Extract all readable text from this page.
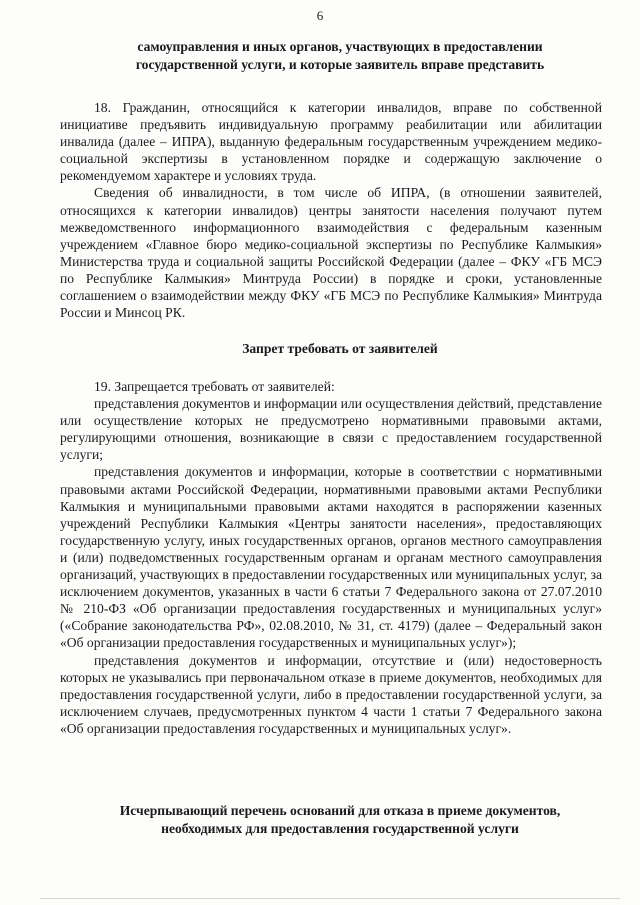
6
самоуправления и иных органов, участвующих в предоставлении
государственной услуги, и которые заявитель вправе представить

18. Гражданин, относящийся к категории инвалидов, вправе по собственной инициативе предъявить индивидуальную программу реабилитации или абилитации инвалида (далее – ИПРА), выданную федеральным государственным учреждением медико-социальной экспертизы в установленном порядке и содержащую заключение о рекомендуемом характере и условиях труда.

Сведения об инвалидности, в том числе об ИПРА, (в отношении заявителей, относящихся к категории инвалидов) центры занятости населения получают путем межведомственного информационного взаимодействия с федеральным казенным учреждением «Главное бюро медико-социальной экспертизы по Республике Калмыкия» Министерства труда и социальной защиты Российской Федерации (далее – ФКУ «ГБ МСЭ по Республике Калмыкия» Минтруда России) в порядке и сроки, установленные соглашением о взаимодействии между ФКУ «ГБ МСЭ по Республике Калмыкия» Минтруда России и Минсоц РК.

Запрет требовать от заявителей

19. Запрещается требовать от заявителей:

представления документов и информации или осуществления действий, представление или осуществление которых не предусмотрено нормативными правовыми актами, регулирующими отношения, возникающие в связи с предоставлением государственной услуги;

представления документов и информации, которые в соответствии с нормативными правовыми актами Российской Федерации, нормативными правовыми актами Республики Калмыкия и муниципальными правовыми актами находятся в распоряжении казенных учреждений Республики Калмыкия «Центры занятости населения», предоставляющих государственную услугу, иных государственных органов, органов местного самоуправления и (или) подведомственных государственным органам и органам местного самоуправления организаций, участвующих в предоставлении государственных или муниципальных услуг, за исключением документов, указанных в части 6 статьи 7 Федерального закона от 27.07.2010 № 210-ФЗ «Об организации предоставления государственных и муниципальных услуг» («Собрание законодательства РФ», 02.08.2010, № 31, ст. 4179) (далее – Федеральный закон «Об организации предоставления государственных и муниципальных услуг»);

представления документов и информации, отсутствие и (или) недостоверность которых не указывались при первоначальном отказе в приеме документов, необходимых для предоставления государственной услуги, либо в предоставлении государственной услуги, за исключением случаев, предусмотренных пунктом 4 части 1 статьи 7 Федерального закона «Об организации предоставления государственных и муниципальных услуг».

Исчерпывающий перечень оснований для отказа в приеме документов,
необходимых для предоставления государственной услуги
